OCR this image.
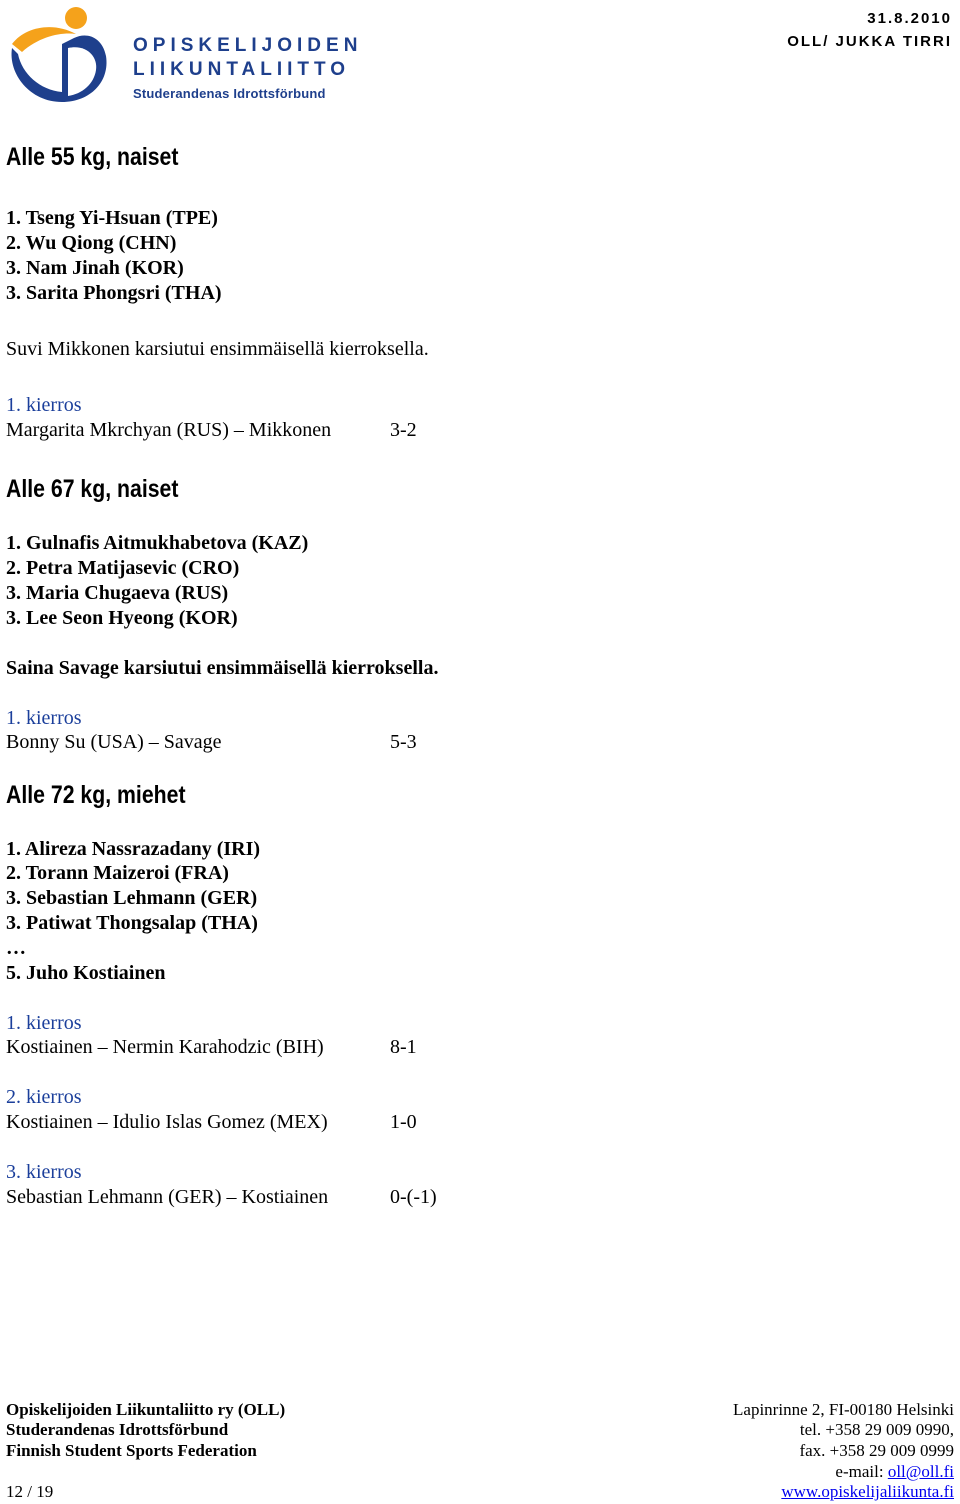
OPISKELIJOIDEN
LIIKUNTALIITTO
Studerandenas Idrottsförbund
31.8.2010
OLL/ JUKKA TIRRI
Alle 55 kg, naiset
1. Tseng Yi-Hsuan (TPE)
2. Wu Qiong (CHN)
3. Nam Jinah (KOR)
3. Sarita Phongsri (THA)
Suvi Mikkonen karsiutui ensimmäisellä kierroksella.
1. kierros
Margarita Mkrchyan (RUS) – Mikkonen	3-2
Alle 67 kg, naiset
1. Gulnafis Aitmukhabetova (KAZ)
2. Petra Matijasevic (CRO)
3. Maria Chugaeva (RUS)
3. Lee Seon Hyeong (KOR)
Saina Savage karsiutui ensimmäisellä kierroksella.
1. kierros
Bonny Su (USA) – Savage	5-3
Alle 72 kg, miehet
1. Alireza Nassrazadany (IRI)
2. Torann Maizeroi (FRA)
3. Sebastian Lehmann (GER)
3. Patiwat Thongsalap (THA)
…
5. Juho Kostiainen
1. kierros
Kostiainen – Nermin Karahodzic (BIH)	8-1
2. kierros
Kostiainen – Idulio Islas Gomez (MEX)	1-0
3. kierros
Sebastian Lehmann (GER) – Kostiainen	0-(-1)
Opiskelijoiden Liikuntaliitto ry (OLL)
Studerandenas Idrottsförbund
Finnish Student Sports Federation
12 / 19
Lapinrinne 2, FI-00180 Helsinki
tel. +358 29 009 0990,
fax. +358 29 009 0999
e-mail: oll@oll.fi
www.opiskelijaliikunta.fi
